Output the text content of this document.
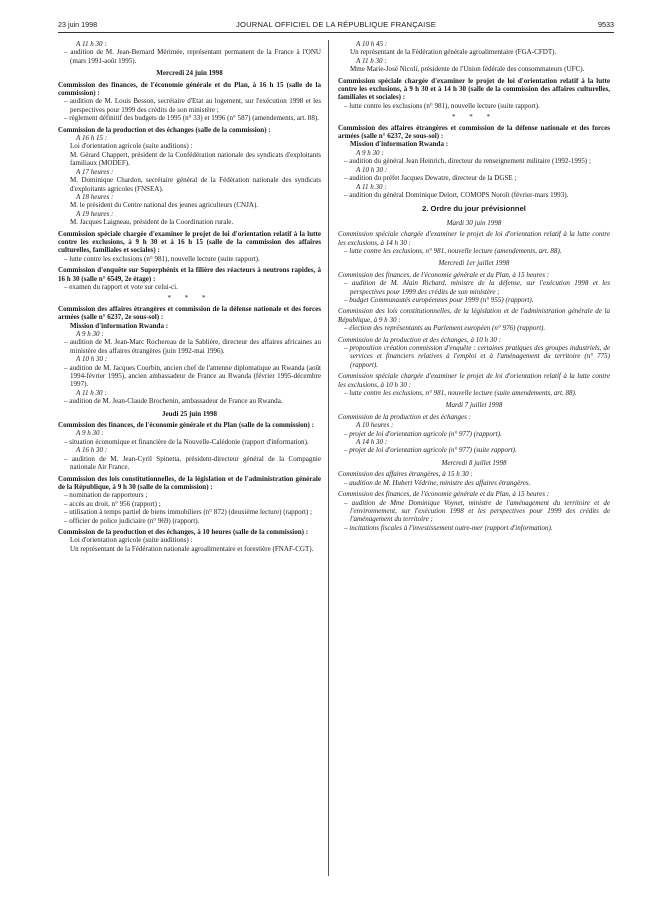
23 juin 1998	JOURNAL OFFICIEL DE LA RÉPUBLIQUE FRANÇAISE	9533
A 11 h 30 :
– audition de M. Jean-Bernard Mérimée, représentant permanent de la France à l'ONU (mars 1991-août 1995).
Mercredi 24 juin 1998
Commission des finances, de l'économie générale et du Plan, à 16 h 15 (salle de la commission) :
– audition de M. Louis Besson, secrétaire d'Etat au logement, sur l'exécution 1998 et les perspectives pour 1999 des crédits de son ministère ;
– règlement définitif des budgets de 1995 (n° 33) et 1996 (n° 587) (amendements, art. 88).
Commission de la production et des échanges (salle de la commission) :
A 16 h 15 :
Loi d'orientation agricole (suite auditions) :
M. Gérard Chappert, président de la Confédération nationale des syndicats d'exploitants familiaux (MODEF).
A 17 heures :
M. Dominique Chardon, secrétaire général de la Fédération nationale des syndicats d'exploitants agricoles (FNSEA).
A 18 heures :
M. le président du Centre national des jeunes agriculteurs (CNJA).
A 19 heures :
M. Jacques Laigneau, président de la Coordination rurale.
Commission spéciale chargée d'examiner le projet de loi d'orientation relatif à la lutte contre les exclusions, à 9 h 30 et à 16 h 15 (salle de la commission des affaires culturelles, familiales et sociales) :
– lutte contre les exclusions (n° 981), nouvelle lecture (suite rapport).
Commission d'enquête sur Superphénix et la filière des réacteurs à neutrons rapides, à 16 h 30 (salle n° 6549, 2e étage) :
– examen du rapport et vote sur celui-ci.
* * *
Commission des affaires étrangères et commission de la défense nationale et des forces armées (salle n° 6237, 2e sous-sol) :
Mission d'information Rwanda :
A 9 h 30 :
– audition de M. Jean-Marc Rochereau de la Sablière, directeur des affaires africaines au ministère des affaires étrangères (juin 1992-mai 1996).
A 10 h 30 :
– audition de M. Jacques Courbin, ancien chef de l'antenne diplomatique au Rwanda (août 1994-février 1995), ancien ambassadeur de France au Rwanda (février 1995-décembre 1997).
A 11 h 30 :
– audition de M. Jean-Claude Brochenin, ambassadeur de France au Rwanda.
Jeudi 25 juin 1998
Commission des finances, de l'économie générale et du Plan (salle de la commission) :
A 9 h 30 :
– situation économique et financière de la Nouvelle-Calédonie (rapport d'information).
A 16 h 30 :
– audition de M. Jean-Cyril Spinetta, président-directeur général de la Compagnie nationale Air France.
Commission des lois constitutionnelles, de la législation et de l'administration générale de la République, à 9 h 30 (salle de la commission) :
– nomination de rapporteurs ;
– accès au droit, n° 956 (rapport) ;
– utilisation à temps partiel de biens immobiliers (n° 872) (deuxième lecture) (rapport) ;
– officier de police judiciaire (n° 969) (rapport).
Commission de la production et des échanges, à 10 heures (salle de la commission) :
Loi d'orientation agricole (suite auditions) :
Un représentant de la Fédération nationale agroalimentaire et forestière (FNAF-CGT).
A 10 h 45 :
Un représentant de la Fédération générale agroalimentaire (FGA-CFDT).
A 11 h 30 :
Mme Marie-José Nicoli, présidente de l'Union fédérale des consommateurs (UFC).
Commission spéciale chargée d'examiner le projet de loi d'orientation relatif à la lutte contre les exclusions, à 9 h 30 et à 14 h 30 (salle de la commission des affaires culturelles, familiales et sociales) :
– lutte contre les exclusions (n° 981), nouvelle lecture (suite rapport).
* * *
Commission des affaires étrangères et commission de la défense nationale et des forces armées (salle n° 6237, 2e sous-sol) :
Mission d'information Rwanda :
A 9 h 30 :
– audition du général Jean Heinrich, directeur du renseignement militaire (1992-1995) ;
A 10 h 30 :
– audition du préfet Jacques Dewatre, directeur de la DGSE ;
A 11 h 30 :
– audition du général Dominique Delort, COMOPS Noroît (février-mars 1993).
2. Ordre du jour prévisionnel
Mardi 30 juin 1998
Commission spéciale chargée d'examiner le projet de loi d'orientation relatif à la lutte contre les exclusions, à 14 h 30 :
– lutte contre les exclusions, n° 981, nouvelle lecture (amendements, art. 88).
Mercredi 1er juillet 1998
Commission des finances, de l'économie générale et du Plan, à 15 heures :
– audition de M. Alain Richard, ministre de la défense, sur l'exécution 1998 et les perspectives pour 1999 des crédits de son ministère ;
– budget Communautés européennes pour 1999 (n° 955) (rapport).
Commission des lois constitutionnelles, de la législation et de l'administration générale de la République, à 9 h 30 :
– élection des représentants au Parlement européen (n° 976) (rapport).
Commission de la production et des échanges, à 10 h 30 :
– proposition création commission d'enquête : certaines pratiques des groupes industriels, de services et financiers relatives à l'emploi et à l'aménagement du territoire (n° 775) (rapport).
Commission spéciale chargée d'examiner le projet de loi d'orientation relatif à la lutte contre les exclusions, à 10 h 30 :
– lutte contre les exclusions, n° 981, nouvelle lecture (suite amendements, art. 88).
Mardi 7 juillet 1998
Commission de la production et des échanges :
A 10 heures :
– projet de loi d'orientation agricole (n° 977) (rapport).
A 14 h 30 :
– projet de loi d'orientation agricole (n° 977) (suite rapport).
Mercredi 8 juillet 1998
Commission des affaires étrangères, à 15 h 30 :
– audition de M. Hubert Védrine, ministre des affaires étrangères.
Commission des finances, de l'économie générale et du Plan, à 15 heures :
– audition de Mme Dominique Voynet, ministre de l'aménagement du territoire et de l'environnement, sur l'exécution 1998 et les perspectives pour 1999 des crédits de l'aménagement du territoire ;
– incitations fiscales à l'investissement outre-mer (rapport d'information).
